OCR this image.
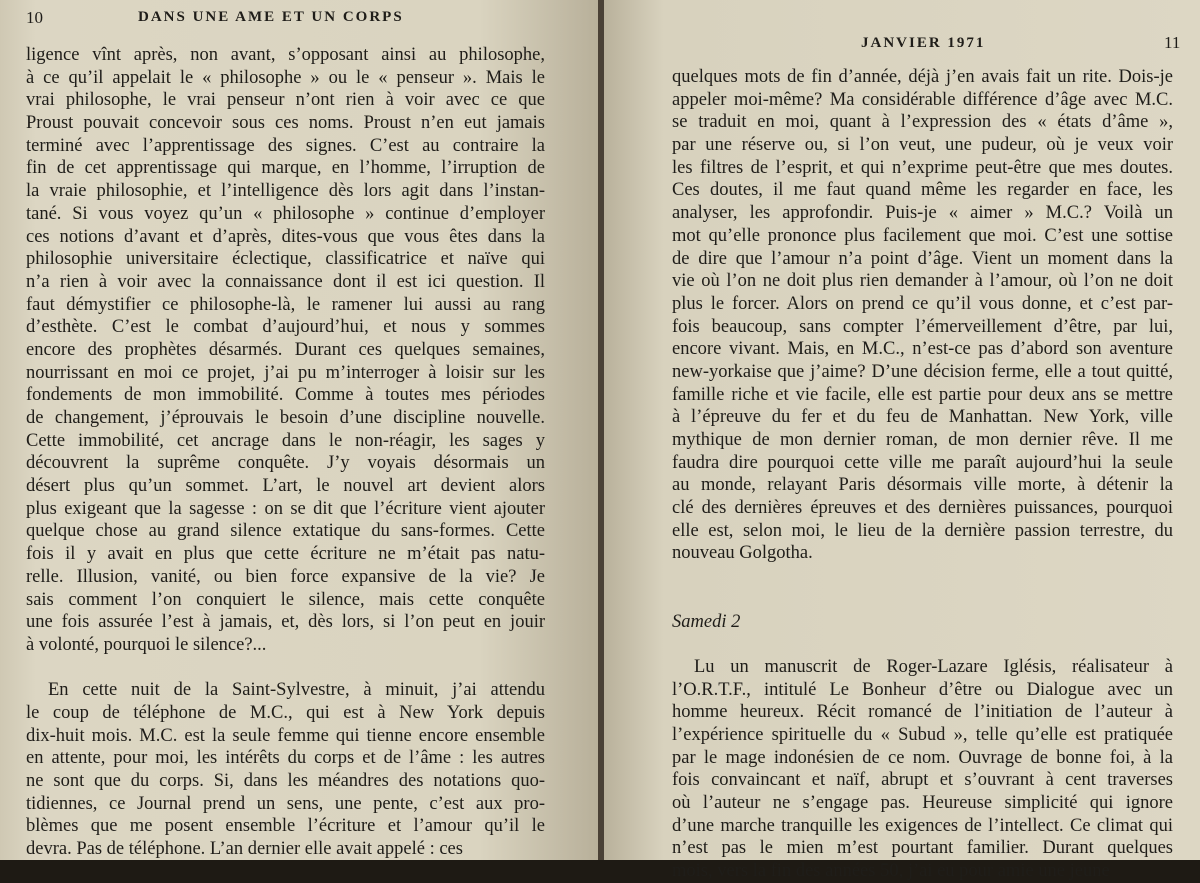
10	DANS UNE AME ET UN CORPS
ligence vînt après, non avant, s’opposant ainsi au philosophe,
à ce qu’il appelait le « philosophe » ou le « penseur ». Mais le
vrai philosophe, le vrai penseur n’ont rien à voir avec ce que
Proust pouvait concevoir sous ces noms. Proust n’en eut jamais
terminé avec l’apprentissage des signes. C’est au contraire la
fin de cet apprentissage qui marque, en l’homme, l’irruption de
la vraie philosophie, et l’intelligence dès lors agit dans l’instan-
tané. Si vous voyez qu’un « philosophe » continue d’employer
ces notions d’avant et d’après, dites-vous que vous êtes dans la
philosophie universitaire éclectique, classificatrice et naïve qui
n’a rien à voir avec la connaissance dont il est ici question. Il
faut démystifier ce philosophe-là, le ramener lui aussi au rang
d’esthète. C’est le combat d’aujourd’hui, et nous y sommes
encore des prophètes désarmés. Durant ces quelques semaines,
nourrissant en moi ce projet, j’ai pu m’interroger à loisir sur les
fondements de mon immobilité. Comme à toutes mes périodes
de changement, j’éprouvais le besoin d’une discipline nouvelle.
Cette immobilité, cet ancrage dans le non-réagir, les sages y
découvrent la suprême conquête. J’y voyais désormais un
désert plus qu’un sommet. L’art, le nouvel art devient alors
plus exigeant que la sagesse : on se dit que l’écriture vient ajouter
quelque chose au grand silence extatique du sans-formes. Cette
fois il y avait en plus que cette écriture ne m’était pas natu-
relle. Illusion, vanité, ou bien force expansive de la vie? Je
sais comment l’on conquiert le silence, mais cette conquête
une fois assurée l’est à jamais, et, dès lors, si l’on peut en jouir
à volonté, pourquoi le silence?...
En cette nuit de la Saint-Sylvestre, à minuit, j’ai attendu
le coup de téléphone de M.C., qui est à New York depuis
dix-huit mois. M.C. est la seule femme qui tienne encore ensemble
en attente, pour moi, les intérêts du corps et de l’âme : les autres
ne sont que du corps. Si, dans les méandres des notations quo-
tidiennes, ce Journal prend un sens, une pente, c’est aux pro-
blèmes que me posent ensemble l’écriture et l’amour qu’il le
devra. Pas de téléphone. L’an dernier elle avait appelé : ces
JANVIER 1971	11
quelques mots de fin d’année, déjà j’en avais fait un rite. Dois-je
appeler moi-même? Ma considérable différence d’âge avec M.C.
se traduit en moi, quant à l’expression des « états d’âme »,
par une réserve ou, si l’on veut, une pudeur, où je veux voir
les filtres de l’esprit, et qui n’exprime peut-être que mes doutes.
Ces doutes, il me faut quand même les regarder en face, les
analyser, les approfondir. Puis-je « aimer » M.C.? Voilà un
mot qu’elle prononce plus facilement que moi. C’est une sottise
de dire que l’amour n’a point d’âge. Vient un moment dans la
vie où l’on ne doit plus rien demander à l’amour, où l’on ne doit
plus le forcer. Alors on prend ce qu’il vous donne, et c’est par-
fois beaucoup, sans compter l’émerveillement d’être, par lui,
encore vivant. Mais, en M.C., n’est-ce pas d’abord son aventure
new-yorkaise que j’aime? D’une décision ferme, elle a tout quitté,
famille riche et vie facile, elle est partie pour deux ans se mettre
à l’épreuve du fer et du feu de Manhattan. New York, ville
mythique de mon dernier roman, de mon dernier rêve. Il me
faudra dire pourquoi cette ville me paraît aujourd’hui la seule
au monde, relayant Paris désormais ville morte, à détenir la
clé des dernières épreuves et des dernières puissances, pourquoi
elle est, selon moi, le lieu de la dernière passion terrestre, du
nouveau Golgotha.
Samedi 2
Lu un manuscrit de Roger-Lazare Iglésis, réalisateur à
l’O.R.T.F., intitulé Le Bonheur d’être ou Dialogue avec un
homme heureux. Récit romancé de l’initiation de l’auteur à
l’expérience spirituelle du « Subud », telle qu’elle est pratiquée
par le mage indonésien de ce nom. Ouvrage de bonne foi, à la
fois convaincant et naïf, abrupt et s’ouvrant à cent traverses
où l’auteur ne s’engage pas. Heureuse simplicité qui ignore
d’une marche tranquille les exigences de l’intellect. Ce climat qui
n’est pas le mien m’est pourtant familier. Durant quelques
mois, vers la fin des années 50, j’ai eu pour amie une jeune
